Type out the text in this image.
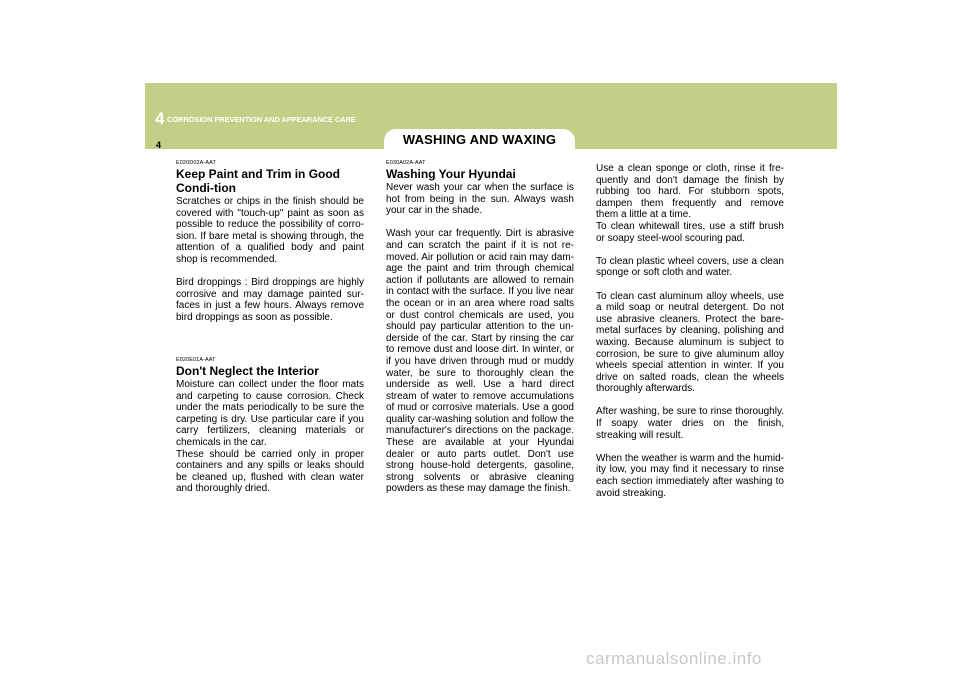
4 CORROSION PREVENTION AND APPEARANCE CARE
4	WASHING AND WAXING
E020D02A-AAT
Keep Paint and Trim in Good Condi-tion

Scratches or chips in the finish should be covered with "touch-up" paint as soon as possible to reduce the possibility of corro-sion. If bare metal is showing through, the attention of a qualified body and paint shop is recommended.

Bird droppings : Bird droppings are highly corrosive and may damage painted sur-faces in just a few hours. Always remove bird droppings as soon as possible.

E020E01A-AAT
Don't Neglect the Interior

Moisture can collect under the floor mats and carpeting to cause corrosion. Check under the mats periodically to be sure the carpeting is dry. Use particular care if you carry fertilizers, cleaning materials or chemicals in the car.
These should be carried only in proper containers and any spills or leaks should be cleaned up, flushed with clean water and thoroughly dried.

E030A02A-AAT
Washing Your Hyundai

Never wash your car when the surface is hot from being in the sun. Always wash your car in the shade.

Wash your car frequently. Dirt is abrasive and can scratch the paint if it is not re-moved. Air pollution or acid rain may dam-age the paint and trim through chemical action if pollutants are allowed to remain in contact with the surface. If you live near the ocean or in an area where road salts or dust control chemicals are used, you should pay particular attention to the un-derside of the car. Start by rinsing the car to remove dust and loose dirt. In winter, or if you have driven through mud or muddy water, be sure to thoroughly clean the underside as well. Use a hard direct stream of water to remove accumulations of mud or corrosive materials. Use a good quality car-washing solution and follow the manufacturer's directions on the package. These are available at your Hyundai dealer or auto parts outlet. Don't use strong house-hold detergents, gasoline, strong solvents or abrasive cleaning powders as these may damage the finish.

Use a clean sponge or cloth, rinse it fre-quently and don't damage the finish by rubbing too hard. For stubborn spots, dampen them frequently and remove them a little at a time.
To clean whitewall tires, use a stiff brush or soapy steel-wool scouring pad.

To clean plastic wheel covers, use a clean sponge or soft cloth and water.

To clean cast aluminum alloy wheels, use a mild soap or neutral detergent. Do not use abrasive cleaners. Protect the bare-metal surfaces by cleaning, polishing and waxing. Because aluminum is subject to corrosion, be sure to give aluminum alloy wheels special attention in winter. If you drive on salted roads, clean the wheels thoroughly afterwards.

After washing, be sure to rinse thoroughly. If soapy water dries on the finish, streaking will result.

When the weather is warm and the humid-ity low, you may find it necessary to rinse each section immediately after washing to avoid streaking.

carmanualsonline.info
